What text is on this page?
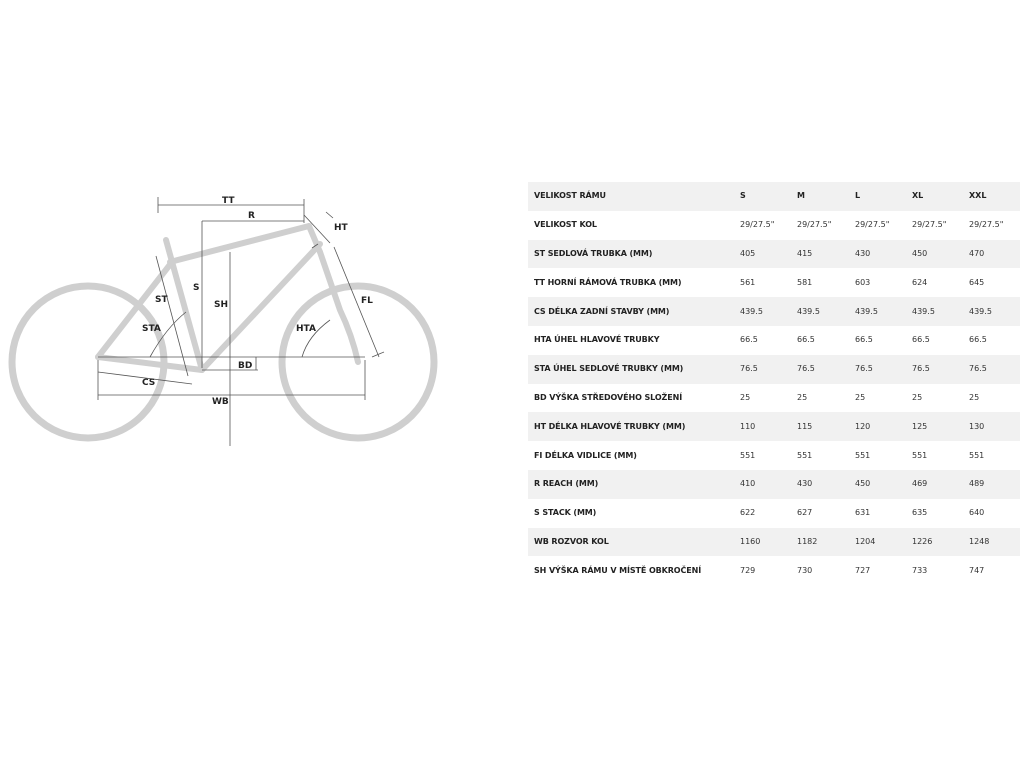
TT
R
HT
S
SH
ST
STA
FL
HTA
BD
CS
WB
VELIKOST RÁMU	S	M	L	XL	XXL
VELIKOST KOL	29/27.5"	29/27.5"	29/27.5"	29/27.5"	29/27.5"
ST SEDLOVÁ TRUBKA (MM)	405	415	430	450	470
TT HORNÍ RÁMOVÁ TRUBKA (MM)	561	581	603	624	645
CS DÉLKA ZADNÍ STAVBY (MM)	439.5	439.5	439.5	439.5	439.5
HTA ÚHEL HLAVOVÉ TRUBKY	66.5	66.5	66.5	66.5	66.5
STA ÚHEL SEDLOVÉ TRUBKY (MM)	76.5	76.5	76.5	76.5	76.5
BD VÝŠKA STŘEDOVÉHO SLOŽENÍ	25	25	25	25	25
HT DÉLKA HLAVOVÉ TRUBKY (MM)	110	115	120	125	130
FI DÉLKA VIDLICE (MM)	551	551	551	551	551
R REACH (MM)	410	430	450	469	489
S STACK (MM)	622	627	631	635	640
WB ROZVOR KOL	1160	1182	1204	1226	1248
SH VÝŠKA RÁMU V MÍSTĚ OBKROČENÍ	729	730	727	733	747
